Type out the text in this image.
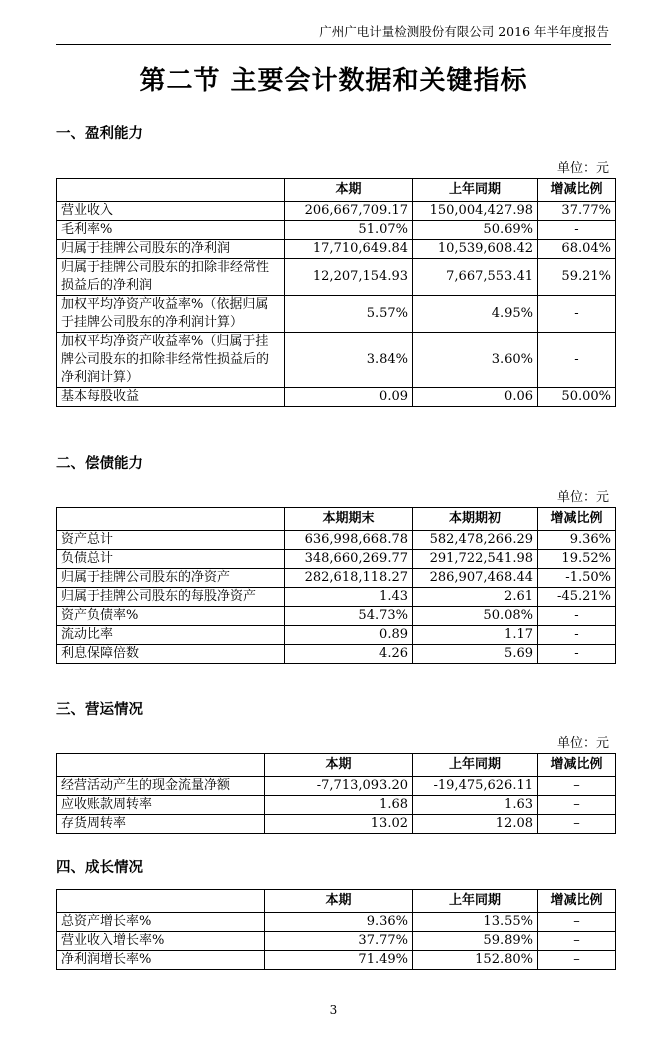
广州广电计量检测股份有限公司 2016 年半年度报告
第二节 主要会计数据和关键指标
一、盈利能力
单位：元
	本期	上年同期	增减比例
营业收入	206,667,709.17	150,004,427.98	37.77%
毛利率%	51.07%	50.69%	-
归属于挂牌公司股东的净利润	17,710,649.84	10,539,608.42	68.04%
归属于挂牌公司股东的扣除非经常性损益后的净利润	12,207,154.93	7,667,553.41	59.21%
加权平均净资产收益率%（依据归属于挂牌公司股东的净利润计算）	5.57%	4.95%	-
加权平均净资产收益率%（归属于挂牌公司股东的扣除非经常性损益后的净利润计算）	3.84%	3.60%	-
基本每股收益	0.09	0.06	50.00%
二、偿债能力
单位：元
	本期期末	本期期初	增减比例
资产总计	636,998,668.78	582,478,266.29	9.36%
负债总计	348,660,269.77	291,722,541.98	19.52%
归属于挂牌公司股东的净资产	282,618,118.27	286,907,468.44	-1.50%
归属于挂牌公司股东的每股净资产	1.43	2.61	-45.21%
资产负债率%	54.73%	50.08%	-
流动比率	0.89	1.17	-
利息保障倍数	4.26	5.69	-
三、营运情况
单位：元
	本期	上年同期	增减比例
经营活动产生的现金流量净额	-7,713,093.20	-19,475,626.11	–
应收账款周转率	1.68	1.63	–
存货周转率	13.02	12.08	–
四、成长情况
	本期	上年同期	增减比例
总资产增长率%	9.36%	13.55%	–
营业收入增长率%	37.77%	59.89%	–
净利润增长率%	71.49%	152.80%	–
3
